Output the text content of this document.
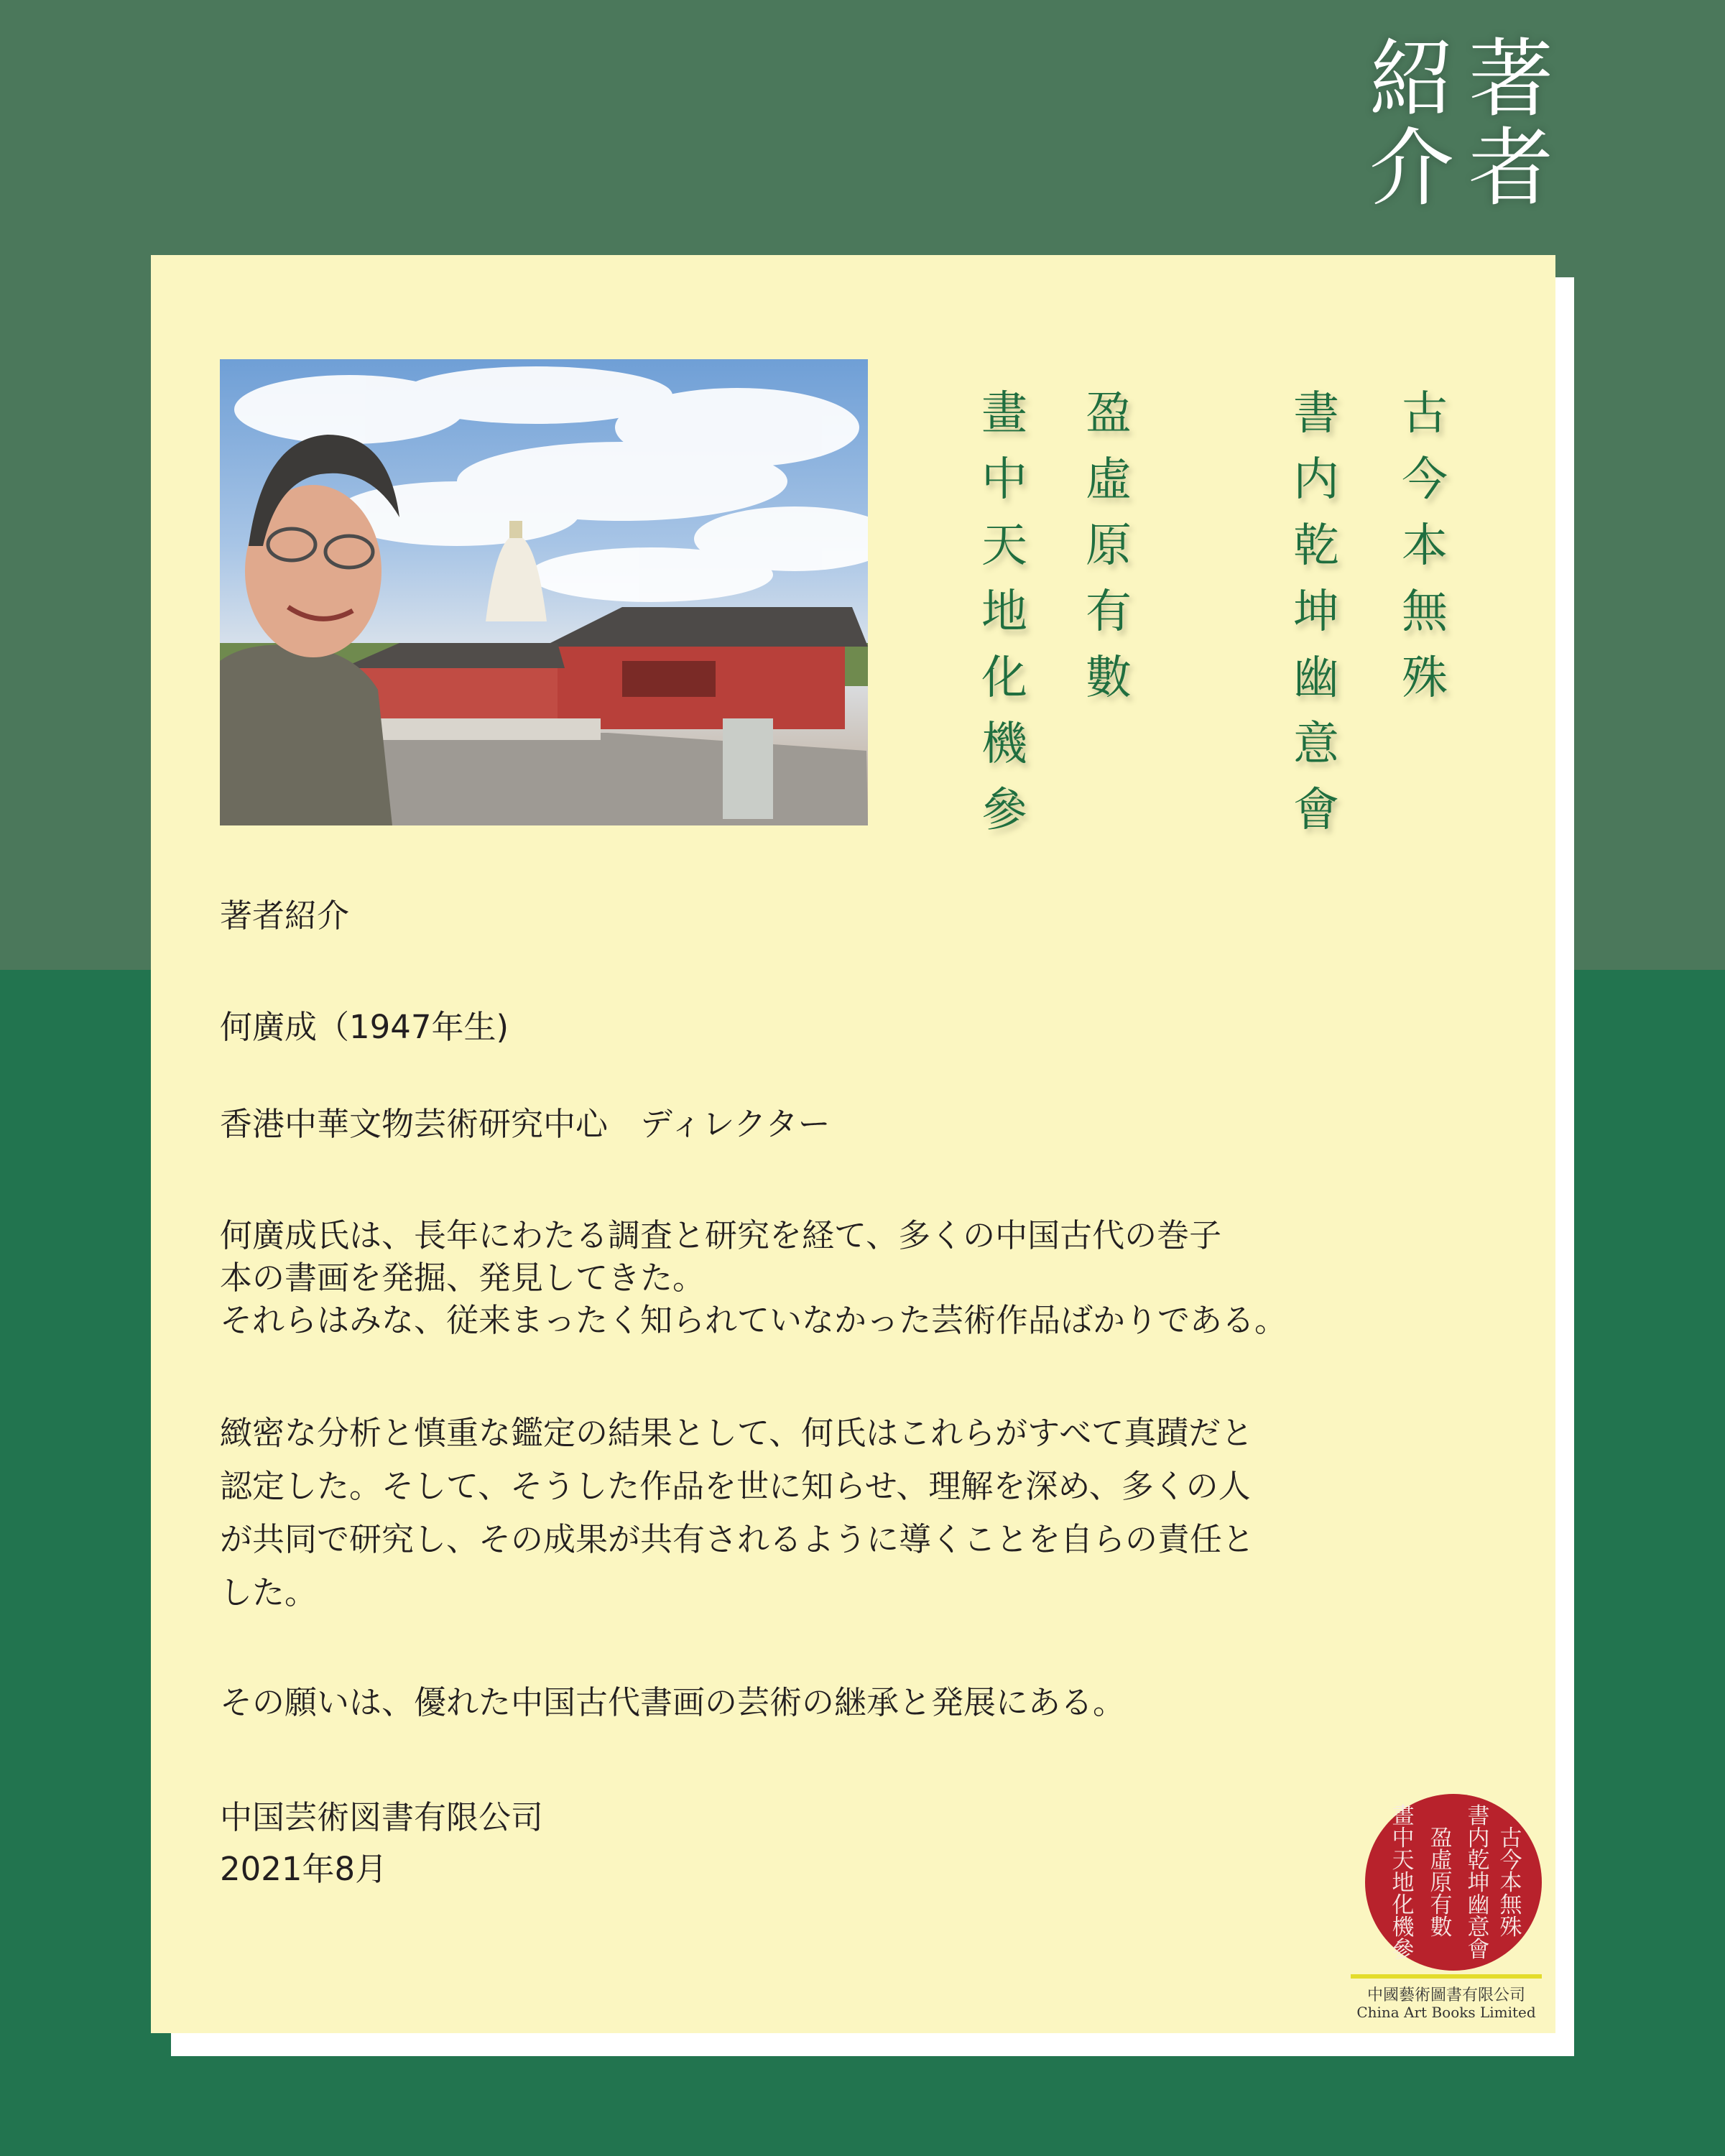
著
者
紹
介
古
今
本
無
殊
書
内
乾
坤
幽
意
會
盈
虛
原
有
數
畫
中
天
地
化
機
參
著者紹介
何廣成（1947年生)
香港中華文物芸術研究中心　ディレクター
何廣成氏は、長年にわたる調査と研究を経て、多くの中国古代の巻子
本の書画を発掘、発見してきた。
それらはみな、従来まったく知られていなかった芸術作品ばかりである。
緻密な分析と慎重な鑑定の結果として、何氏はこれらがすべて真蹟だと
認定した。そして、そうした作品を世に知らせ、理解を深め、多くの人
が共同で研究し、その成果が共有されるように導くことを自らの責任と
した。
その願いは、優れた中国古代書画の芸術の継承と発展にある。
中国芸術図書有限公司
2021年8月
古
今
本
無
殊
書
内
乾
坤
幽
意
會
盈
虛
原
有
數
畫
中
天
地
化
機
參
中國藝術圖書有限公司
China Art Books Limited
